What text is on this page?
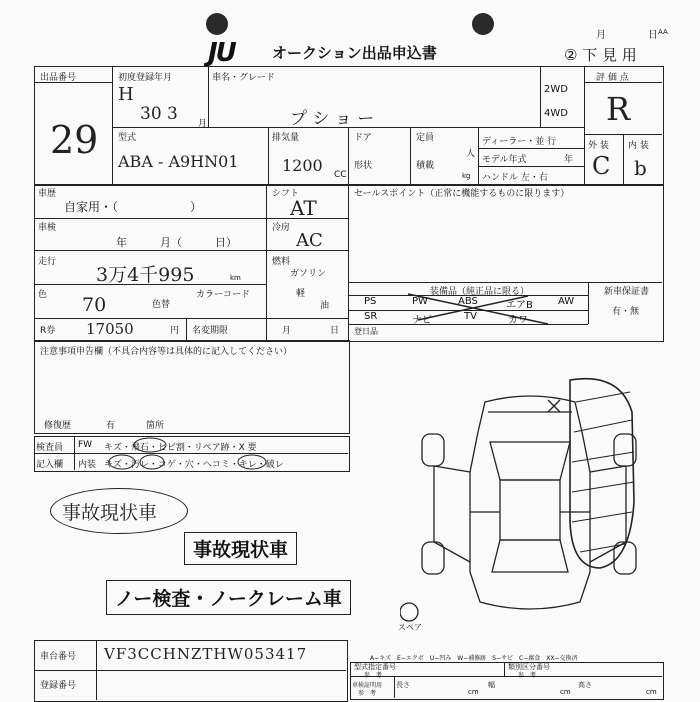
JU オークション出品申込書
月	日 AA
② 下 見 用
出品番号
29
初度登録年月
H
30 3 月
車名・グレード
プ シ ョ ー
2WD
4WD
評 価 点
R
型式
ABA - A9HN01
排気量
1200 CC
ドア
形状
定員
人
積載
kg
ディーラー・並 行
モデル年式	年
ハンドル 左・右
外 装 内 装
C b
車歴
自家用・（　　　　　　）
車検
年　　　月（　　　日）
走行
3万4千995	km
色 70	色替
カラーコード
シフト
AT
冷房
AC
燃料
ガソリン
軽
油
R券 17050	円 名変期限	月	日
セールスポイント（正常に機能するものに限ります）
装備品（純正品に限る）	新車保証書
有・無
PS	PW	ABS	エアB	AW
SR	ナビ	TV	カワ
登日品
注意事項申告欄（不具合内容等は具体的に記入してください）
修復歴	有	箇所
検査員
記入欄
FW キズ・飛石・ヒビ割・リペア跡・X 要
内装 キズ・汚レ・コゲ・穴・ヘコミ・キレ・破レ
事故現状車
事故現状車
ノー検査・ノークレーム車
スペア
A−キズ　E−エクボ　U−凹み　W−補修跡　S−サビ　C−腐食　XX−交換済
車台番号 VF3CCHNZTHW053417
登録番号
型式指定番号
参　考
類別区分番号
参　考
車検証明用
参　考
長さ
cm
幅
cm
高さ
cm
